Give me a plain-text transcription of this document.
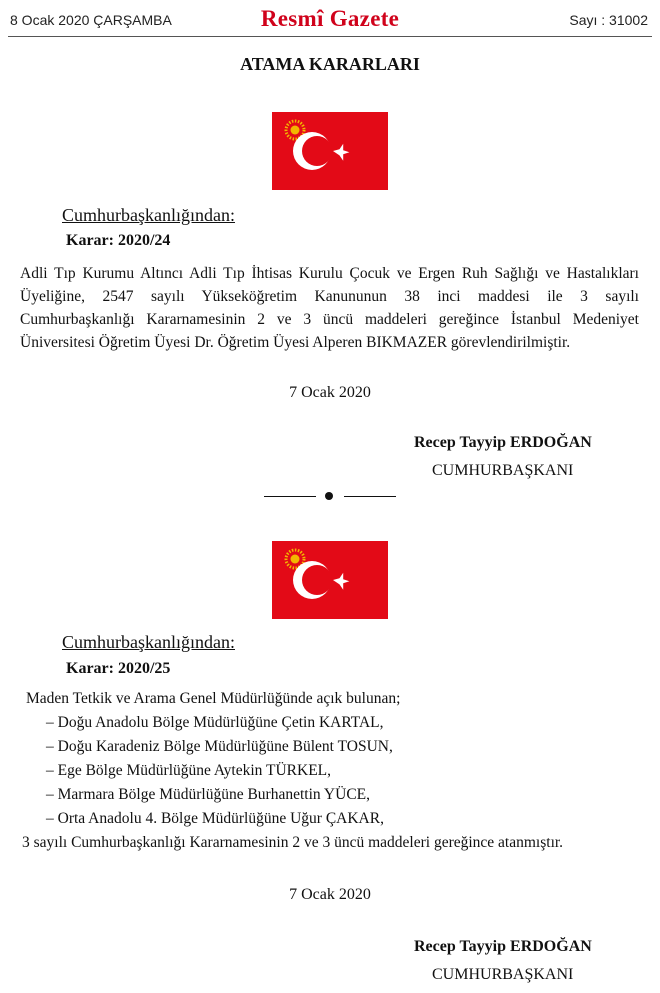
8 Ocak 2020 ÇARŞAMBA	Resmî Gazete	Sayı : 31002
ATAMA KARARLARI
Cumhurbaşkanlığından:
Karar: 2020/24
Adli Tıp Kurumu Altıncı Adli Tıp İhtisas Kurulu Çocuk ve Ergen Ruh Sağlığı ve Hastalıkları
Üyeliğine, 2547 sayılı Yükseköğretim Kanununun 38 inci maddesi ile 3 sayılı
Cumhurbaşkanlığı Kararnamesinin 2 ve 3 üncü maddeleri gereğince İstanbul Medeniyet
Üniversitesi Öğretim Üyesi Dr. Öğretim Üyesi Alperen BIKMAZER görevlendirilmiştir.
7 Ocak 2020
Recep Tayyip ERDOĞAN
CUMHURBAŞKANI
Cumhurbaşkanlığından:
Karar: 2020/25
Maden Tetkik ve Arama Genel Müdürlüğünde açık bulunan;
– Doğu Anadolu Bölge Müdürlüğüne Çetin KARTAL,
– Doğu Karadeniz Bölge Müdürlüğüne Bülent TOSUN,
– Ege Bölge Müdürlüğüne Aytekin TÜRKEL,
– Marmara Bölge Müdürlüğüne Burhanettin YÜCE,
– Orta Anadolu 4. Bölge Müdürlüğüne Uğur ÇAKAR,
3 sayılı Cumhurbaşkanlığı Kararnamesinin 2 ve 3 üncü maddeleri gereğince atanmıştır.
7 Ocak 2020
Recep Tayyip ERDOĞAN
CUMHURBAŞKANI
